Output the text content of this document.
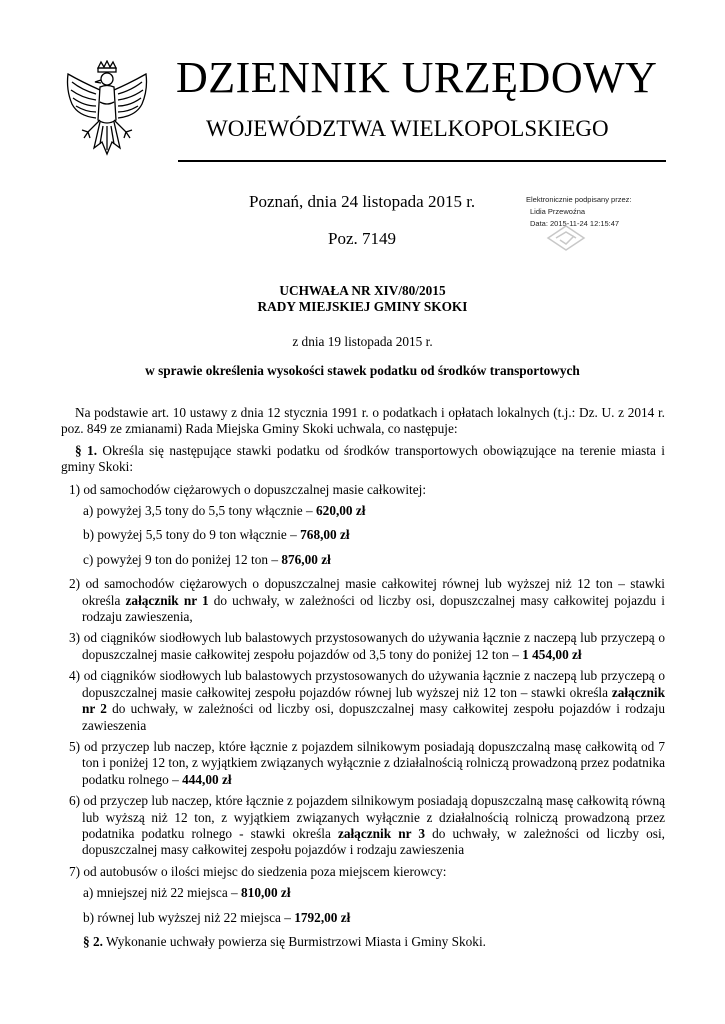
DZIENNIK URZĘDOWY
WOJEWÓDZTWA WIELKOPOLSKIEGO
Poznań, dnia 24 listopada 2015 r.
Poz. 7149
Elektronicznie podpisany przez:
Lidia Przewoźna
Data: 2015-11-24 12:15:47
UCHWAŁA NR XIV/80/2015
RADY MIEJSKIEJ GMINY SKOKI
z dnia 19 listopada 2015 r.
w sprawie określenia wysokości stawek podatku od środków transportowych

Na podstawie art. 10 ustawy z dnia 12 stycznia 1991 r. o podatkach i opłatach lokalnych (t.j.: Dz. U. z 2014 r. poz. 849 ze zmianami) Rada Miejska Gminy Skoki uchwala, co następuje:

§ 1. Określa się następujące stawki podatku od środków transportowych obowiązujące na terenie miasta i gminy Skoki:

1) od samochodów ciężarowych o dopuszczalnej masie całkowitej:

a) powyżej 3,5 tony do 5,5 tony włącznie – 620,00 zł

b) powyżej 5,5 tony do 9 ton włącznie – 768,00 zł

c) powyżej 9 ton do poniżej 12 ton – 876,00 zł

2) od samochodów ciężarowych o dopuszczalnej masie całkowitej równej lub wyższej niż 12 ton – stawki określa załącznik nr 1 do uchwały, w zależności od liczby osi, dopuszczalnej masy całkowitej pojazdu i rodzaju zawieszenia,

3) od ciągników siodłowych lub balastowych przystosowanych do używania łącznie z naczepą lub przyczepą o dopuszczalnej masie całkowitej zespołu pojazdów od 3,5 tony do poniżej 12 ton – 1 454,00 zł

4) od ciągników siodłowych lub balastowych przystosowanych do używania łącznie z naczepą lub przyczepą o dopuszczalnej masie całkowitej zespołu pojazdów równej lub wyższej niż 12 ton – stawki określa załącznik nr 2 do uchwały, w zależności od liczby osi, dopuszczalnej masy całkowitej zespołu pojazdów i rodzaju zawieszenia

5) od przyczep lub naczep, które łącznie z pojazdem silnikowym posiadają dopuszczalną masę całkowitą od 7 ton i poniżej 12 ton, z wyjątkiem związanych wyłącznie z działalnością rolniczą prowadzoną przez podatnika podatku rolnego – 444,00 zł

6) od przyczep lub naczep, które łącznie z pojazdem silnikowym posiadają dopuszczalną masę całkowitą równą lub wyższą niż 12 ton, z wyjątkiem związanych wyłącznie z działalnością rolniczą prowadzoną przez podatnika podatku rolnego - stawki określa załącznik nr 3 do uchwały, w zależności od liczby osi, dopuszczalnej masy całkowitej zespołu pojazdów i rodzaju zawieszenia

7) od autobusów o ilości miejsc do siedzenia poza miejscem kierowcy:

a) mniejszej niż 22 miejsca – 810,00 zł

b) równej lub wyższej niż 22 miejsca – 1792,00 zł

§ 2. Wykonanie uchwały powierza się Burmistrzowi Miasta i Gminy Skoki.
